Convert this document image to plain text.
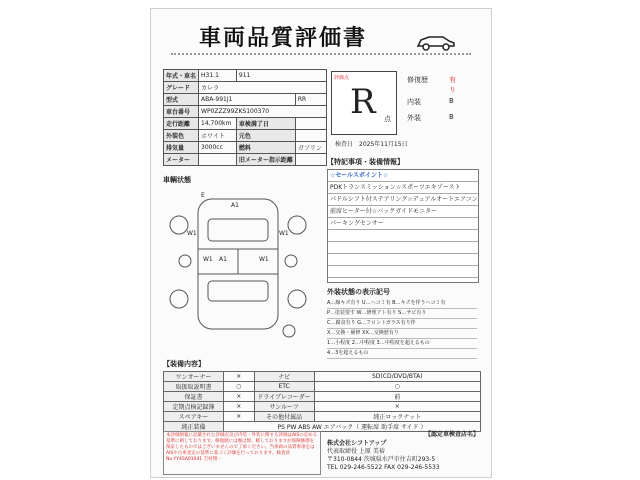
車両品質評価書
年式・車名	H31.1	911	
グレード	カレラ		
型式	ABA-991J1		RR
車台番号	WP0ZZZ99ZKS100370		
走行距離	14,700km	車検満了日	
外装色	ホワイト	元色	
排気量	3000cc	燃料	ガソリン
メーター		旧メーター指示距離	
評価点
R 点
修復歴	有り
内装	B
外装	B
検査日　 2025年11月15日
【特記事項・装備情報】
☆セールスポイント☆
PDKトランスミッション☆スポーツエキゾースト
パドルシフト付ステアリング☆デュアルオートエアコン
前席ヒーター付☆バックガイドモニター
パーキングセンサー
車輌状態
E
A1
W1	W1
W1 A1	W1
外装状態の表示記号
A…線キズ有り U…ヘコミ有 B…キズを伴うヘコミ有
P…塗装要す W…修理アト有り S…サビ有り
C…腐食有り G…フロントガラス有り伴
X…交換・補修 XX…交換歴有り
1…小程度 2…中程度 3…中程度を超えるもの
4…3を超えるもの
【装備内容】
ワンオーナー	×	ナビ	SD(CD/DVD/BTA)
取扱取説明書	○	ETC	○
保証書	×	ドライブレコーダー	前
定期点検記録簿	×	サンルーフ	×
スペアキー	×	その他付属品	純正ロックナット
純正装備	PS PW ABS AW エアバック（ 運転席 助手席 サイド ）		
本評価情報に記載された評価点及び内装・外装に関する評価はAISの定める基準に則しております。修復歴には歴は無、軽しておりますが保険修理を保証したものではございませんので了承ください。当車両の品質事項をはAISや古車査定の基準に基づく評価を行っております。検査員No.YY4SA01041 吉村翔一
【認定車検査店名】
株式会社シフトアップ
代表取締役 上原 美裕
〒310-0844 茨城県水戸市住吉町293-5
TEL 029-246-5522 FAX 029-246-5533
